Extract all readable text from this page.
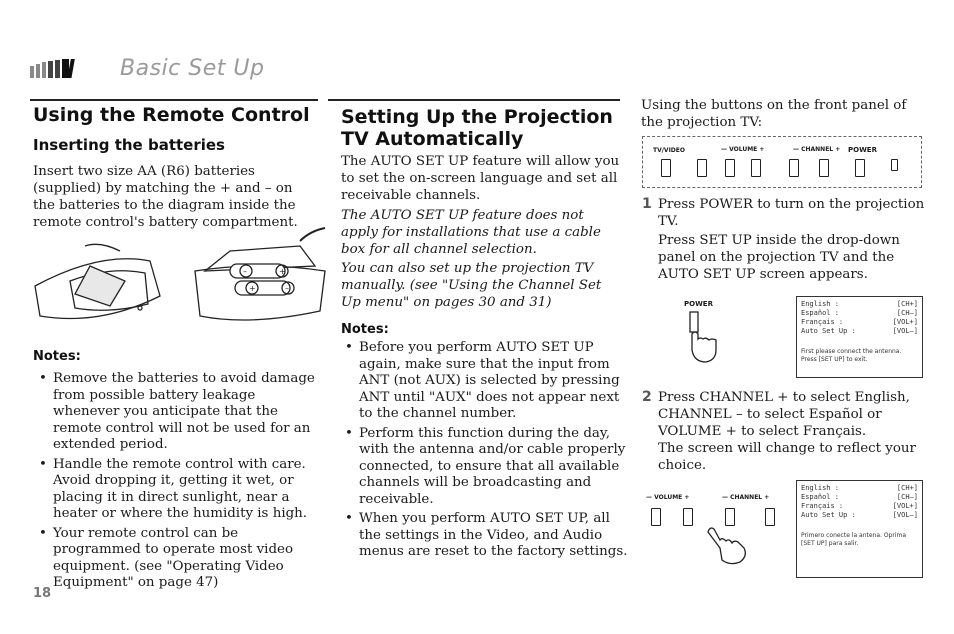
Basic Set Up
Using the Remote Control
Inserting the batteries
Insert two size AA (R6) batteries (supplied) by matching the + and – on the batteries to the diagram inside the remote control's battery compartment.
–	+
+	–
Notes:
• Remove the batteries to avoid damage from possible battery leakage whenever you anticipate that the remote control will not be used for an extended period.
• Handle the remote control with care. Avoid dropping it, getting it wet, or placing it in direct sunlight, near a heater or where the humidity is high.
• Your remote control can be programmed to operate most video equipment. (see "Operating Video Equipment" on page 47)
18
Setting Up the Projection TV Automatically
The AUTO SET UP feature will allow you to set the on-screen language and set all receivable channels.
The AUTO SET UP feature does not apply for installations that use a cable box for all channel selection.
You can also set up the projection TV manually. (see "Using the Channel Set Up menu" on pages 30 and 31)
Notes:
• Before you perform AUTO SET UP again, make sure that the input from ANT (not AUX) is selected by pressing ANT until "AUX" does not appear next to the channel number.
• Perform this function during the day, with the antenna and/or cable properly connected, to ensure that all available channels will be broadcasting and receivable.
• When you perform AUTO SET UP, all the settings in the Video, and Audio menus are reset to the factory settings.
Using the buttons on the front panel of the projection TV:
TV/VIDEO	— VOLUME +	— CHANNEL + POWER
1 Press POWER to turn on the projection TV.
Press SET UP inside the drop-down panel on the projection TV and the AUTO SET UP screen appears.
POWER	English :	[CH+]
Español :	[CH–]
Français :	[VOL+]
Auto Set Up :	[VOL–]
First please connect the antenna. Press [SET UP] to exit.
2 Press CHANNEL + to select English, CHANNEL – to select Español or VOLUME + to select Français.
The screen will change to reflect your choice.
— VOLUME +	— CHANNEL +
English :	[CH+]
Español :	[CH–]
Français :	[VOL+]
Auto Set Up :	[VOL–]
Primero conecte la antena. Oprima [SET UP] para salir.
